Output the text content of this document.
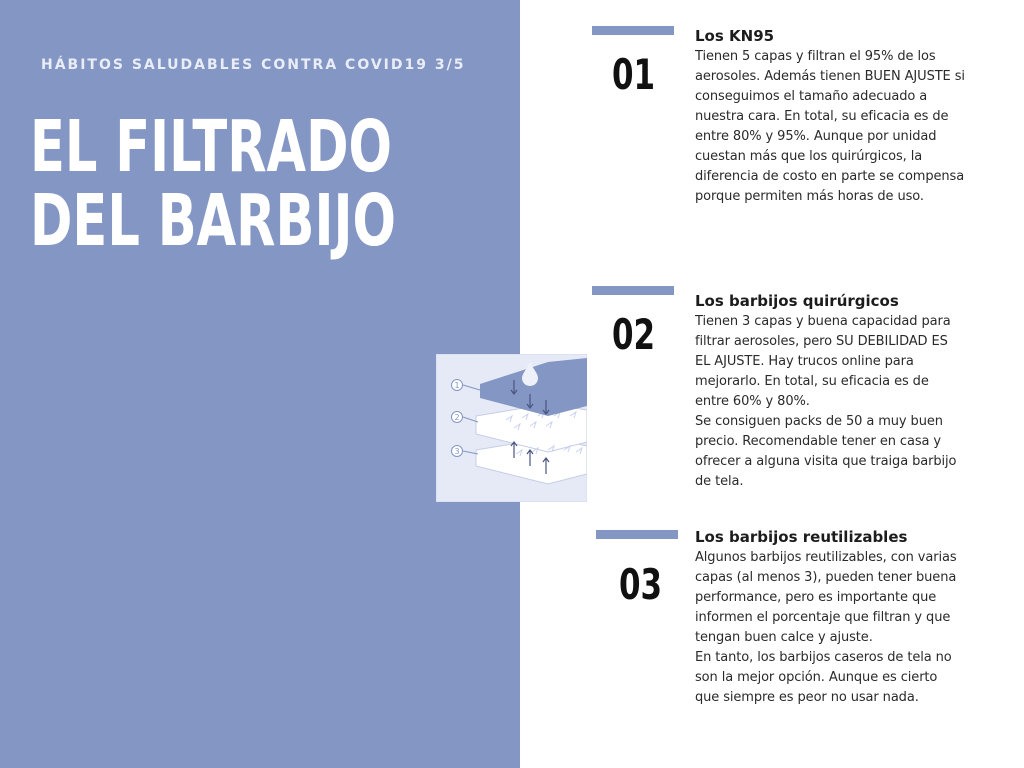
HÁBITOS SALUDABLES CONTRA COVID19 3/5
EL FILTRADO
DEL BARBIJO
1
2
3
01
Los KN95

Tienen 5 capas y filtran el 95% de los aerosoles. Además tienen BUEN AJUSTE si conseguimos el tamaño adecuado a nuestra cara. En total, su eficacia es de entre 80% y 95%. Aunque por unidad cuestan más que los quirúrgicos, la diferencia de costo en parte se compensa porque permiten más horas de uso.

02
Los barbijos quirúrgicos

Tienen 3 capas y buena capacidad para filtrar aerosoles, pero SU DEBILIDAD ES EL AJUSTE. Hay trucos online para mejorarlo. En total, su eficacia es de entre 60% y 80%.

Se consiguen packs de 50 a muy buen precio. Recomendable tener en casa y ofrecer a alguna visita que traiga barbijo de tela.

03
Los barbijos reutilizables

Algunos barbijos reutilizables, con varias capas (al menos 3), pueden tener buena performance, pero es importante que informen el porcentaje que filtran y que tengan buen calce y ajuste.

En tanto, los barbijos caseros de tela no son la mejor opción. Aunque es cierto que siempre es peor no usar nada.
